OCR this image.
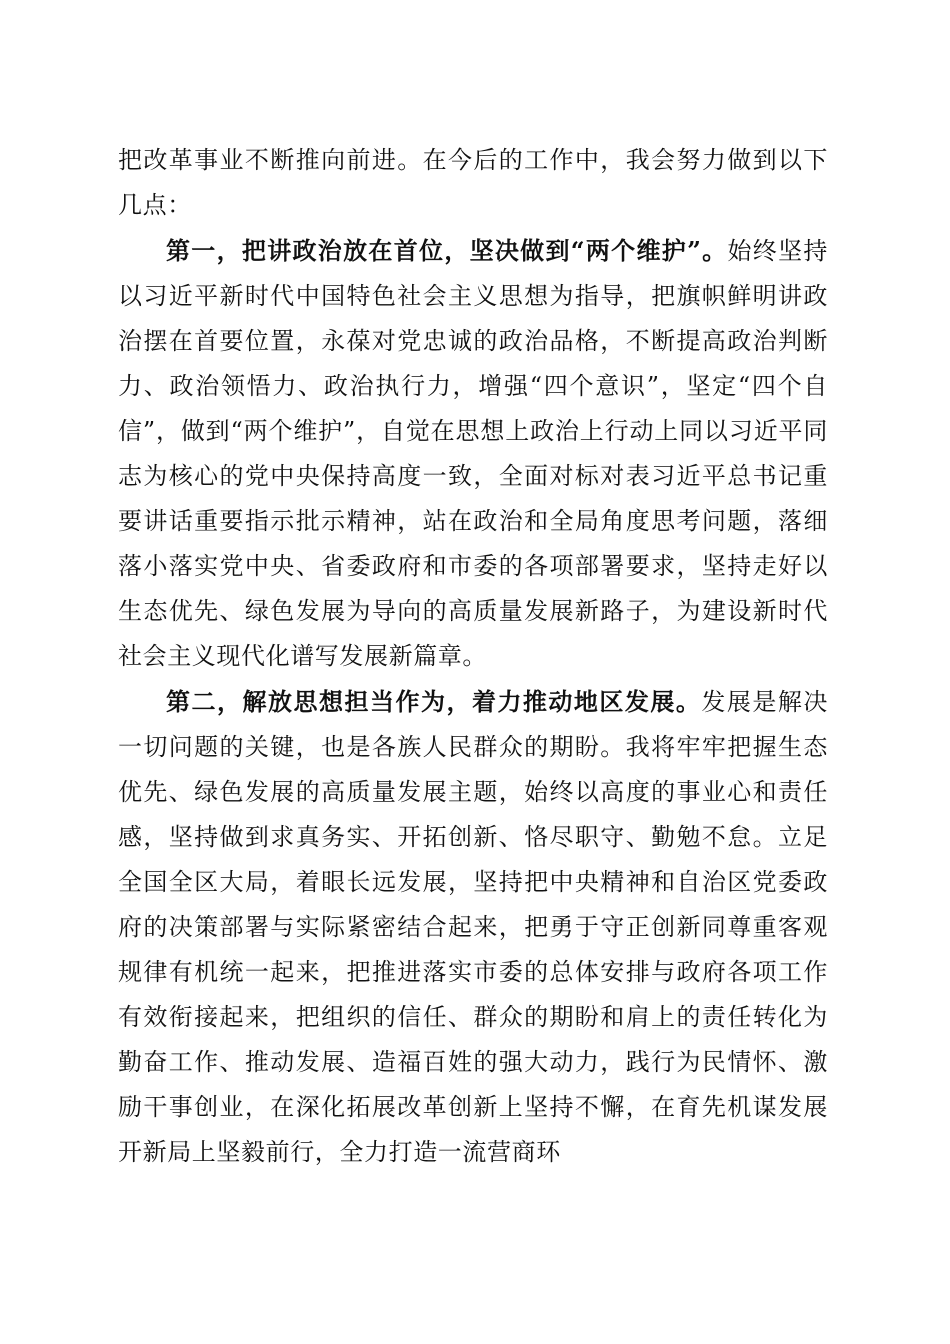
把改革事业不断推向前进。在今后的工作中，我会努力做到以下几点：

第一，把讲政治放在首位，坚决做到“两个维护”。始终坚持以习近平新时代中国特色社会主义思想为指导，把旗帜鲜明讲政治摆在首要位置，永葆对党忠诚的政治品格，不断提高政治判断力、政治领悟力、政治执行力，增强“四个意识”，坚定“四个自信”，做到“两个维护”，自觉在思想上政治上行动上同以习近平同志为核心的党中央保持高度一致，全面对标对表习近平总书记重要讲话重要指示批示精神，站在政治和全局角度思考问题，落细落小落实党中央、省委政府和市委的各项部署要求，坚持走好以生态优先、绿色发展为导向的高质量发展新路子，为建设新时代社会主义现代化谱写发展新篇章。

第二，解放思想担当作为，着力推动地区发展。发展是解决一切问题的关键，也是各族人民群众的期盼。我将牢牢把握生态优先、绿色发展的高质量发展主题，始终以高度的事业心和责任感，坚持做到求真务实、开拓创新、恪尽职守、勤勉不怠。立足全国全区大局，着眼长远发展，坚持把中央精神和自治区党委政府的决策部署与实际紧密结合起来，把勇于守正创新同尊重客观规律有机统一起来，把推进落实市委的总体安排与政府各项工作有效衔接起来，把组织的信任、群众的期盼和肩上的责任转化为勤奋工作、推动发展、造福百姓的强大动力，践行为民情怀、激励干事创业，在深化拓展改革创新上坚持不懈，在育先机谋发展开新局上坚毅前行，全力打造一流营商环
